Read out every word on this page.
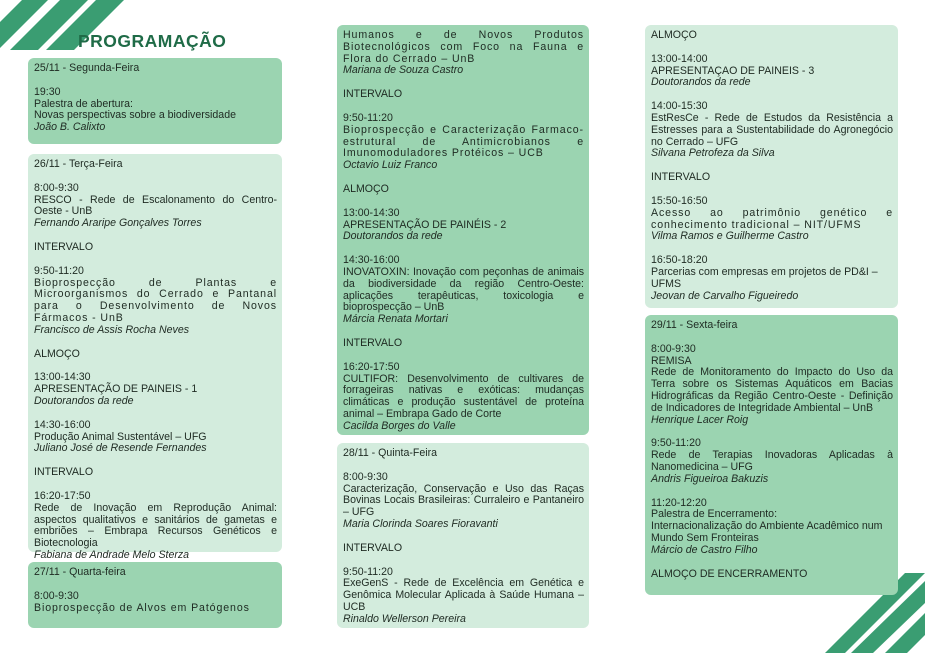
PROGRAMAÇÃO
25/11 - Segunda-Feira
19:30
Palestra de abertura:
Novas perspectivas sobre a biodiversidade
João B. Calixto
26/11 - Terça-Feira
8:00-9:30
RESCO - Rede de Escalonamento do Centro-Oeste - UnB
Fernando Araripe Gonçalves Torres
INTERVALO
9:50-11:20
Bioprospecção de Plantas e Microorganismos do Cerrado e Pantanal para o Desenvolvimento de Novos Fármacos - UnB
Francisco de Assis Rocha Neves
ALMOÇO
13:00-14:30
APRESENTAÇÃO DE PAINEIS - 1
Doutorandos da rede
14:30-16:00
Produção Animal Sustentável – UFG
Juliano José de Resende Fernandes
INTERVALO
16:20-17:50
Rede de Inovação em Reprodução Animal: aspectos qualitativos e sanitários de gametas e embriões – Embrapa Recursos Genéticos e Biotecnologia
Fabiana de Andrade Melo Sterza
27/11 - Quarta-feira
8:00-9:30
Bioprospecção de Alvos em Patógenos
Humanos e de Novos Produtos Biotecnológicos com Foco na Fauna e Flora do Cerrado – UnB
Mariana de Souza Castro
INTERVALO
9:50-11:20
Bioprospecção e Caracterização Farmaco-estrutural de Antimicrobianos e Imunomoduladores Protéicos – UCB
Octavio Luiz Franco
ALMOÇO
13:00-14:30
APRESENTAÇÃO DE PAINÉIS - 2
Doutorandos da rede
14:30-16:00
INOVATOXIN: Inovação com peçonhas de animais da biodiversidade da região Centro-Oeste: aplicações terapêuticas, toxicologia e bioprospecção – UnB
Márcia Renata Mortari
INTERVALO
16:20-17:50
CULTIFOR: Desenvolvimento de cultivares de forrageiras nativas e exóticas: mudanças climáticas e produção sustentável de proteína animal – Embrapa Gado de Corte
Cacilda Borges do Valle
28/11 - Quinta-Feira
8:00-9:30
Caracterização, Conservação e Uso das Raças Bovinas Locais Brasileiras: Curraleiro e Pantaneiro – UFG
Maria Clorinda Soares Fioravanti
INTERVALO
9:50-11:20
ExeGenS - Rede de Excelência em Genética e Genômica Molecular Aplicada à Saúde Humana – UCB
Rinaldo Wellerson Pereira
ALMOÇO
13:00-14:00
APRESENTAÇAO DE PAINEIS - 3
Doutorandos da rede
14:00-15:30
EstResCe - Rede de Estudos da Resistência a Estresses para a Sustentabilidade do Agronegócio no Cerrado – UFG
Silvana Petrofeza da Silva
INTERVALO
15:50-16:50
Acesso ao patrimônio genético e conhecimento tradicional – NIT/UFMS
Vilma Ramos e Guilherme Castro
16:50-18:20
Parcerias com empresas em projetos de PD&I – UFMS
Jeovan de Carvalho Figueiredo
29/11 - Sexta-feira
8:00-9:30
REMISA
Rede de Monitoramento do Impacto do Uso da Terra sobre os Sistemas Aquáticos em Bacias Hidrográficas da Região Centro-Oeste - Definição de Indicadores de Integridade Ambiental – UnB
Henrique Lacer Roig
9:50-11:20
Rede de Terapias Inovadoras Aplicadas à Nanomedicina – UFG
Andris Figueiroa Bakuzis
11:20-12:20
Palestra de Encerramento:
Internacionalização do Ambiente Acadêmico num Mundo Sem Fronteiras
Márcio de Castro Filho
ALMOÇO DE ENCERRAMENTO
